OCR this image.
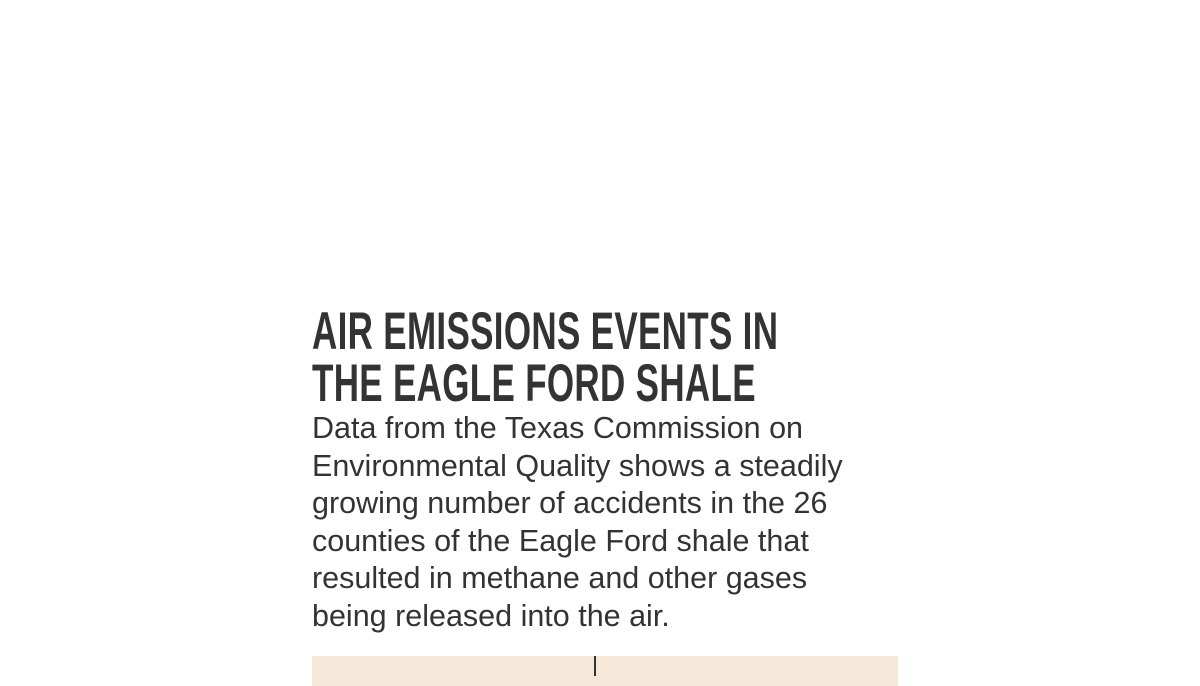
AIR EMISSIONS EVENTS IN
THE EAGLE FORD SHALE
Data from the Texas Commission on
Environmental Quality shows a steadily
growing number of accidents in the 26
counties of the Eagle Ford shale that
resulted in methane and other gases
being released into the air.
